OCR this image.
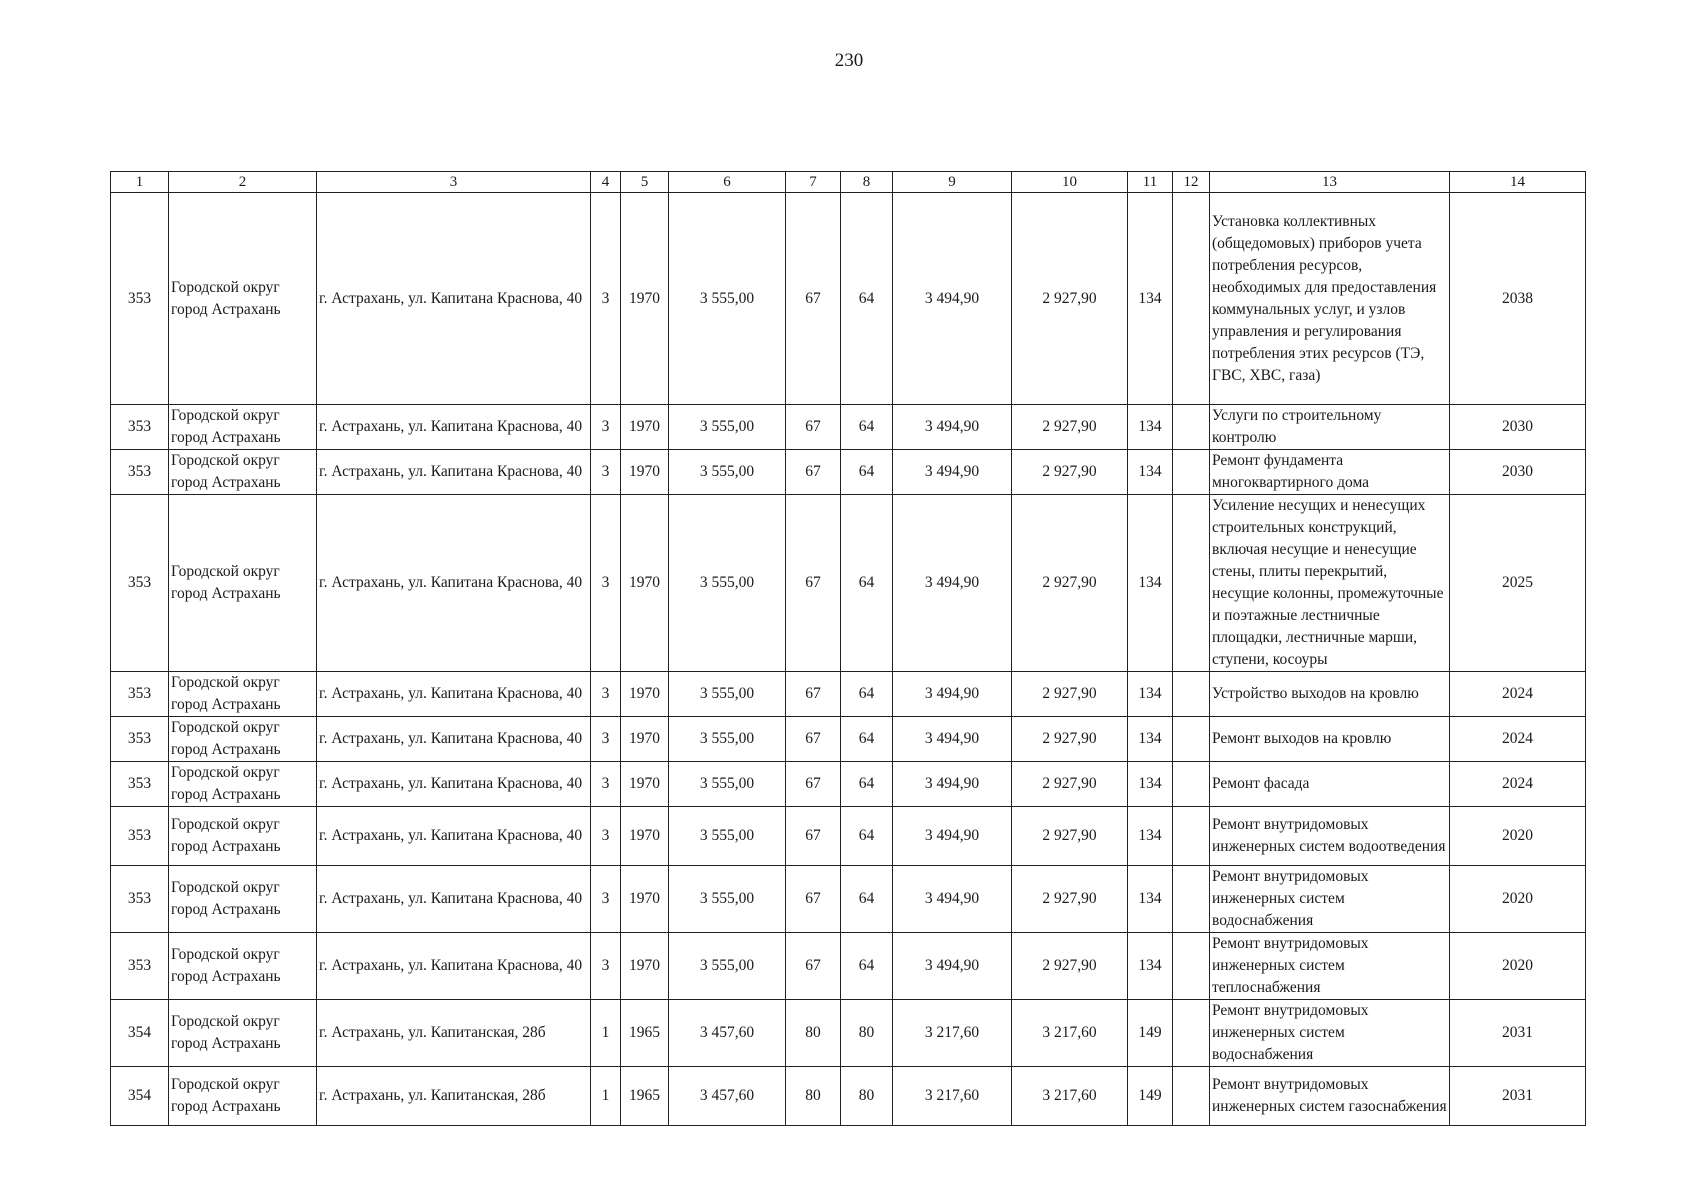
230
1	2	3	4	5	6	7	8	9	10	11	12	13	14
353	Городской округ город Астрахань	г. Астрахань, ул. Капитана Краснова, 40	3	1970	3 555,00	67	64	3 494,90	2 927,90	134		Установка коллективных (общедомовых) приборов учета потребления ресурсов, необходимых для предоставления коммунальных услуг, и узлов управления и регулирования потребления этих ресурсов (ТЭ, ГВС, ХВС, газа)	2038
353	Городской округ город Астрахань	г. Астрахань, ул. Капитана Краснова, 40	3	1970	3 555,00	67	64	3 494,90	2 927,90	134		Услуги по строительному контролю	2030
353	Городской округ город Астрахань	г. Астрахань, ул. Капитана Краснова, 40	3	1970	3 555,00	67	64	3 494,90	2 927,90	134		Ремонт фундамента многоквартирного дома	2030
353	Городской округ город Астрахань	г. Астрахань, ул. Капитана Краснова, 40	3	1970	3 555,00	67	64	3 494,90	2 927,90	134		Усиление несущих и ненесущих строительных конструкций, включая несущие и ненесущие стены, плиты перекрытий, несущие колонны, промежуточные и поэтажные лестничные площадки, лестничные марши, ступени, косоуры	2025
353	Городской округ город Астрахань	г. Астрахань, ул. Капитана Краснова, 40	3	1970	3 555,00	67	64	3 494,90	2 927,90	134		Устройство выходов на кровлю	2024
353	Городской округ город Астрахань	г. Астрахань, ул. Капитана Краснова, 40	3	1970	3 555,00	67	64	3 494,90	2 927,90	134		Ремонт выходов на кровлю	2024
353	Городской округ город Астрахань	г. Астрахань, ул. Капитана Краснова, 40	3	1970	3 555,00	67	64	3 494,90	2 927,90	134		Ремонт фасада	2024
353	Городской округ город Астрахань	г. Астрахань, ул. Капитана Краснова, 40	3	1970	3 555,00	67	64	3 494,90	2 927,90	134		Ремонт внутридомовых инженерных систем водоотведения	2020
353	Городской округ город Астрахань	г. Астрахань, ул. Капитана Краснова, 40	3	1970	3 555,00	67	64	3 494,90	2 927,90	134		Ремонт внутридомовых инженерных систем водоснабжения	2020
353	Городской округ город Астрахань	г. Астрахань, ул. Капитана Краснова, 40	3	1970	3 555,00	67	64	3 494,90	2 927,90	134		Ремонт внутридомовых инженерных систем теплоснабжения	2020
354	Городской округ город Астрахань	г. Астрахань, ул. Капитанская, 28б	1	1965	3 457,60	80	80	3 217,60	3 217,60	149		Ремонт внутридомовых инженерных систем водоснабжения	2031
354	Городской округ город Астрахань	г. Астрахань, ул. Капитанская, 28б	1	1965	3 457,60	80	80	3 217,60	3 217,60	149		Ремонт внутридомовых инженерных систем газоснабжения	2031
